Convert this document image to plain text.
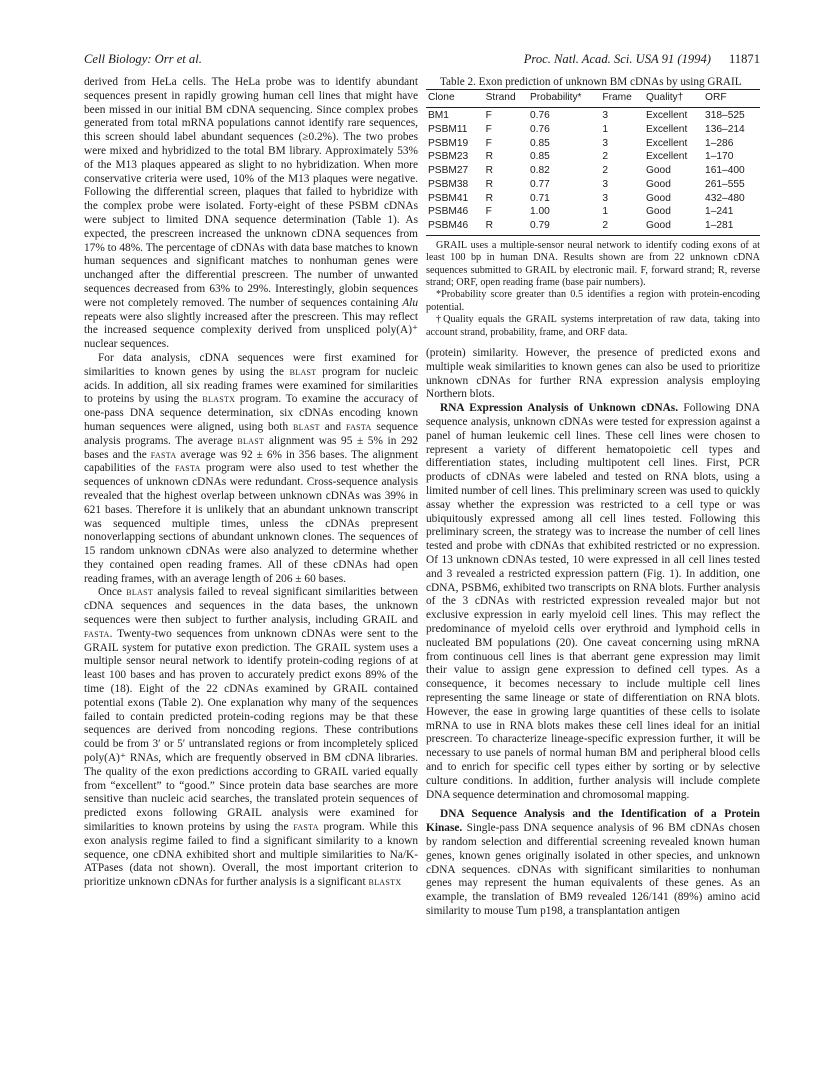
Cell Biology: Orr et al.	Proc. Natl. Acad. Sci. USA 91 (1994) 11871

derived from HeLa cells. The HeLa probe was to identify abundant sequences present in rapidly growing human cell lines that might have been missed in our initial BM cDNA sequencing. Since complex probes generated from total mRNA populations cannot identify rare sequences, this screen should label abundant sequences (≥0.2%). The two probes were mixed and hybridized to the total BM library. Approximately 53% of the M13 plaques appeared as slight to no hybridization. When more conservative criteria were used, 10% of the M13 plaques were negative. Following the differential screen, plaques that failed to hybridize with the complex probe were isolated. Forty-eight of these PSBM cDNAs were subject to limited DNA sequence determination (Table 1). As expected, the prescreen increased the unknown cDNA sequences from 17% to 48%. The percentage of cDNAs with data base matches to known human sequences and significant matches to nonhuman genes were unchanged after the differential prescreen. The number of unwanted sequences decreased from 63% to 29%. Interestingly, globin sequences were not completely removed. The number of sequences containing Alu repeats were also slightly increased after the prescreen. This may reflect the increased sequence complexity derived from unspliced poly(A)⁺ nuclear sequences.

For data analysis, cDNA sequences were first examined for similarities to known genes by using the blast program for nucleic acids. In addition, all six reading frames were examined for similarities to proteins by using the blastx program. To examine the accuracy of one-pass DNA sequence determination, six cDNAs encoding known human sequences were aligned, using both blast and fasta sequence analysis programs. The average blast alignment was 95 ± 5% in 292 bases and the fasta average was 92 ± 6% in 356 bases. The alignment capabilities of the fasta program were also used to test whether the sequences of unknown cDNAs were redundant. Cross-sequence analysis revealed that the highest overlap between unknown cDNAs was 39% in 621 bases. Therefore it is unlikely that an abundant unknown transcript was sequenced multiple times, unless the cDNAs prepresent nonoverlapping sections of abundant unknown clones. The sequences of 15 random unknown cDNAs were also analyzed to determine whether they contained open reading frames. All of these cDNAs had open reading frames, with an average length of 206 ± 60 bases.

Once blast analysis failed to reveal significant similarities between cDNA sequences and sequences in the data bases, the unknown sequences were then subject to further analysis, including GRAIL and fasta. Twenty-two sequences from unknown cDNAs were sent to the GRAIL system for putative exon prediction. The GRAIL system uses a multiple sensor neural network to identify protein-coding regions of at least 100 bases and has proven to accurately predict exons 89% of the time (18). Eight of the 22 cDNAs examined by GRAIL contained potential exons (Table 2). One explanation why many of the sequences failed to contain predicted protein-coding regions may be that these sequences are derived from noncoding regions. These contributions could be from 3′ or 5′ untranslated regions or from incompletely spliced poly(A)⁺ RNAs, which are frequently observed in BM cDNA libraries. The quality of the exon predictions according to GRAIL varied equally from “excellent” to “good.” Since protein data base searches are more sensitive than nucleic acid searches, the translated protein sequences of predicted exons following GRAIL analysis were examined for similarities to known proteins by using the fasta program. While this exon analysis regime failed to find a significant similarity to a known sequence, one cDNA exhibited short and multiple similarities to Na/K-ATPases (data not shown). Overall, the most important criterion to prioritize unknown cDNAs for further analysis is a significant blastx

Table 2. Exon prediction of unknown BM cDNAs by using GRAIL

Clone	Strand	Probability*	Frame	Quality†	ORF
BM1	F	0.76	3	Excellent	318–525
PSBM11	F	0.76	1	Excellent	136–214
PSBM19	F	0.85	3	Excellent	1–286
PSBM23	R	0.85	2	Excellent	1–170
PSBM27	R	0.82	2	Good	161–400
PSBM38	R	0.77	3	Good	261–555
PSBM41	R	0.71	3	Good	432–480
PSBM46	F	1.00	1	Good	1–241
PSBM46	R	0.79	2	Good	1–281

GRAIL uses a multiple-sensor neural network to identify coding exons of at least 100 bp in human DNA. Results shown are from 22 unknown cDNA sequences submitted to GRAIL by electronic mail. F, forward strand; R, reverse strand; ORF, open reading frame (base pair numbers).

*Probability score greater than 0.5 identifies a region with protein-encoding potential.

†Quality equals the GRAIL systems interpretation of raw data, taking into account strand, probability, frame, and ORF data.

(protein) similarity. However, the presence of predicted exons and multiple weak similarities to known genes can also be used to prioritize unknown cDNAs for further RNA expression analysis employing Northern blots.

RNA Expression Analysis of Unknown cDNAs. Following DNA sequence analysis, unknown cDNAs were tested for expression against a panel of human leukemic cell lines. These cell lines were chosen to represent a variety of different hematopoietic cell types and differentiation states, including multipotent cell lines. First, PCR products of cDNAs were labeled and tested on RNA blots, using a limited number of cell lines. This preliminary screen was used to quickly assay whether the expression was restricted to a cell type or was ubiquitously expressed among all cell lines tested. Following this preliminary screen, the strategy was to increase the number of cell lines tested and probe with cDNAs that exhibited restricted or no expression. Of 13 unknown cDNAs tested, 10 were expressed in all cell lines tested and 3 revealed a restricted expression pattern (Fig. 1). In addition, one cDNA, PSBM6, exhibited two transcripts on RNA blots. Further analysis of the 3 cDNAs with restricted expression revealed major but not exclusive expression in early myeloid cell lines. This may reflect the predominance of myeloid cells over erythroid and lymphoid cells in nucleated BM populations (20). One caveat concerning using mRNA from continuous cell lines is that aberrant gene expression may limit their value to assign gene expression to defined cell types. As a consequence, it becomes necessary to include multiple cell lines representing the same lineage or state of differentiation on RNA blots. However, the ease in growing large quantities of these cells to isolate mRNA to use in RNA blots makes these cell lines ideal for an initial prescreen. To characterize lineage-specific expression further, it will be necessary to use panels of normal human BM and peripheral blood cells and to enrich for specific cell types either by sorting or by selective culture conditions. In addition, further analysis will include complete DNA sequence determination and chromosomal mapping.

DNA Sequence Analysis and the Identification of a Protein Kinase. Single-pass DNA sequence analysis of 96 BM cDNAs chosen by random selection and differential screening revealed known human genes, known genes originally isolated in other species, and unknown cDNA sequences. cDNAs with significant similarities to nonhuman genes may represent the human equivalents of these genes. As an example, the translation of BM9 revealed 126/141 (89%) amino acid similarity to mouse Tum p198, a transplantation antigen
